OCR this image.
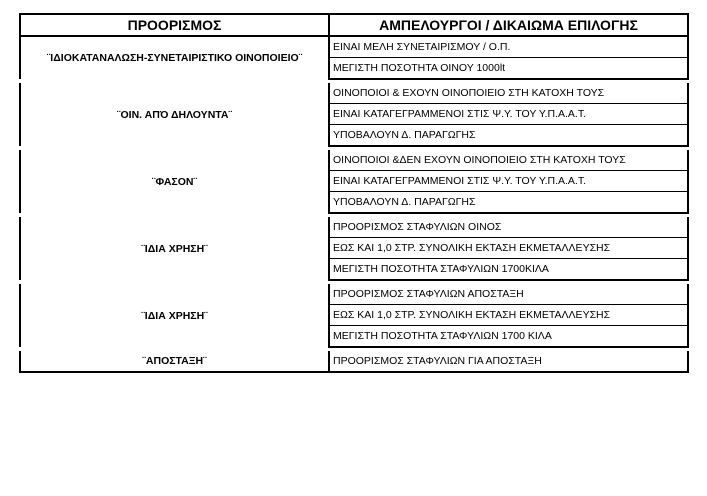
ΠΡΟΟΡΙΣΜΟΣ	ΑΜΠΕΛΟΥΡΓΟΙ / ΔΙΚΑΙΩΜΑ ΕΠΙΛΟΓΗΣ
¨ΙΔΙΟΚΑΤΑΝΑΛΩΣΗ-ΣΥΝΕΤΑΙΡΙΣΤΙΚΟ ΟΙΝΟΠΟΙΕΙΟ¨	ΕΙΝΑΙ ΜΕΛΗ ΣΥΝΕΤΑΙΡΙΣΜΟΥ / Ο.Π.
	ΜΕΓΙΣΤΗ ΠΟΣΟΤΗΤΑ ΟΙΝΟΥ 1000lt

¨ΟΙΝ. ΑΠΌ ΔΗΛΟΥΝΤΑ¨	ΟΙΝΟΠΟΙΟΙ & ΕΧΟΥΝ ΟΙΝΟΠΟΙΕΙΟ ΣΤΗ ΚΑΤΟΧΗ ΤΟΥΣ
	ΕΙΝΑΙ ΚΑΤΑΓΕΓΡΑΜΜΕΝΟΙ ΣΤΙΣ Ψ.Υ. ΤΟΥ Υ.Π.Α.Α.Τ.
	ΥΠΟΒΑΛΟΥΝ Δ. ΠΑΡΑΓΩΓΗΣ

¨ΦΑΣΟΝ¨	ΟΙΝΟΠΟΙΟΙ &ΔΕΝ ΕΧΟΥΝ ΟΙΝΟΠΟΙΕΙΟ ΣΤΗ ΚΑΤΟΧΗ ΤΟΥΣ
	ΕΙΝΑΙ ΚΑΤΑΓΕΓΡΑΜΜΕΝΟΙ ΣΤΙΣ Ψ.Υ. ΤΟΥ Υ.Π.Α.Α.Τ.
	ΥΠΟΒΑΛΟΥΝ Δ. ΠΑΡΑΓΩΓΗΣ

¨ΙΔΙΑ ΧΡΗΣΗ¨	ΠΡΟΟΡΙΣΜΟΣ ΣΤΑΦΥΛΙΩΝ ΟΙΝΟΣ
	ΕΩΣ ΚΑΙ 1,0 ΣΤΡ. ΣΥΝΟΛΙΚΗ ΕΚΤΑΣΗ ΕΚΜΕΤΑΛΛΕΥΣΗΣ
	ΜΕΓΙΣΤΗ ΠΟΣΟΤΗΤΑ ΣΤΑΦΥΛΙΩΝ 1700ΚΙΛΑ

¨ΙΔΙΑ ΧΡΗΣΗ¨	ΠΡΟΟΡΙΣΜΟΣ ΣΤΑΦΥΛΙΩΝ ΑΠΟΣΤΑΞΗ
	ΕΩΣ ΚΑΙ 1,0 ΣΤΡ. ΣΥΝΟΛΙΚΗ ΕΚΤΑΣΗ ΕΚΜΕΤΑΛΛΕΥΣΗΣ
	ΜΕΓΙΣΤΗ ΠΟΣΟΤΗΤΑ ΣΤΑΦΥΛΙΩΝ 1700 ΚΙΛΑ

¨ΑΠΟΣΤΑΞΗ¨	ΠΡΟΟΡΙΣΜΟΣ ΣΤΑΦΥΛΙΩΝ ΓΙΑ ΑΠΟΣΤΑΞΗ
